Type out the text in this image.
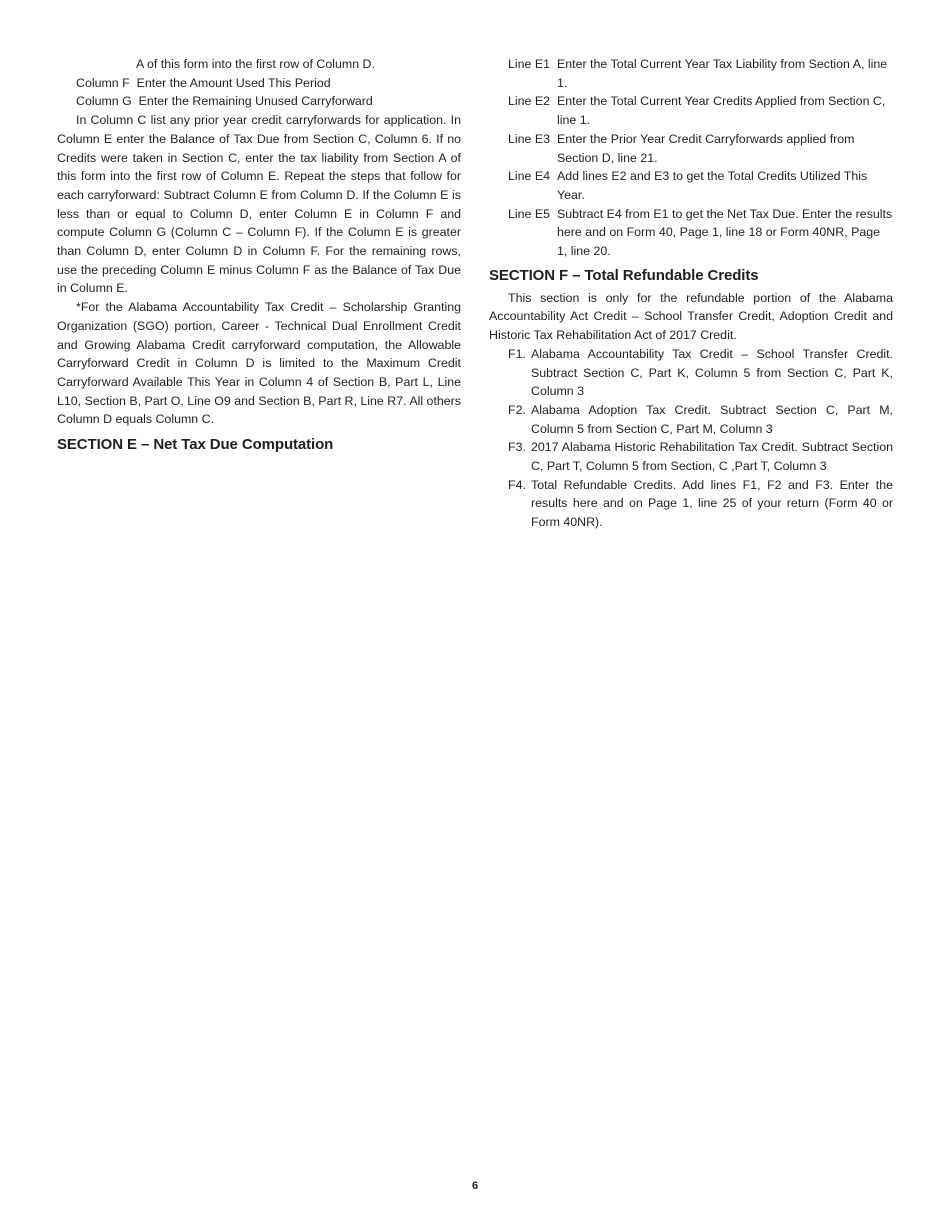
A of this form into the first row of Column D.

Column F
Enter the Amount Used This Period
Column G
Enter the Remaining Unused Carryforward

In Column C list any prior year credit carryforwards for application. In Column E enter the Balance of Tax Due from Section C, Column 6. If no Credits were taken in Section C, enter the tax liability from Section A of this form into the first row of Column E. Repeat the steps that follow for each carryforward: Subtract Column E from Column D. If the Column E is less than or equal to Column D, enter Column E in Column F and compute Column G (Column C – Column F). If the Column E is greater than Column D, enter Column D in Column F. For the remaining rows, use the preceding Column E minus Column F as the Balance of Tax Due in Column E.

*For the Alabama Accountability Tax Credit – Scholarship Granting Organization (SGO) portion, Career - Technical Dual Enrollment Credit and Growing Alabama Credit carryforward computation, the Allowable Carryforward Credit in Column D is limited to the Maximum Credit Carryforward Available This Year in Column 4 of Section B, Part L, Line L10, Section B, Part O, Line O9 and Section B, Part R, Line R7. All others Column D equals Column C.

SECTION E – Net Tax Due Computation
Line E1 Enter the Total Current Year Tax Liability from Section A, line 1.
Line E2 Enter the Total Current Year Credits Applied from Section C, line 1.
Line E3 Enter the Prior Year Credit Carryforwards applied from Section D, line 21.
Line E4 Add lines E2 and E3 to get the Total Credits Utilized This Year.
Line E5 Subtract E4 from E1 to get the Net Tax Due. Enter the results here and on Form 40, Page 1, line 18 or Form 40NR, Page 1, line 20.
SECTION F – Total Refundable Credits

This section is only for the refundable portion of the Alabama Accountability Act Credit – School Transfer Credit, Adoption Credit and Historic Tax Rehabilitation Act of 2017 Credit.

F1. Alabama Accountability Tax Credit – School Transfer Credit. Subtract Section C, Part K, Column 5 from Section C, Part K, Column 3
F2. Alabama Adoption Tax Credit. Subtract Section C, Part M, Column 5 from Section C, Part M, Column 3
F3. 2017 Alabama Historic Rehabilitation Tax Credit. Subtract Section C, Part T, Column 5 from Section, C ,Part T, Column 3
F4. Total Refundable Credits. Add lines F1, F2 and F3. Enter the results here and on Page 1, line 25 of your return (Form 40 or Form 40NR).
6
